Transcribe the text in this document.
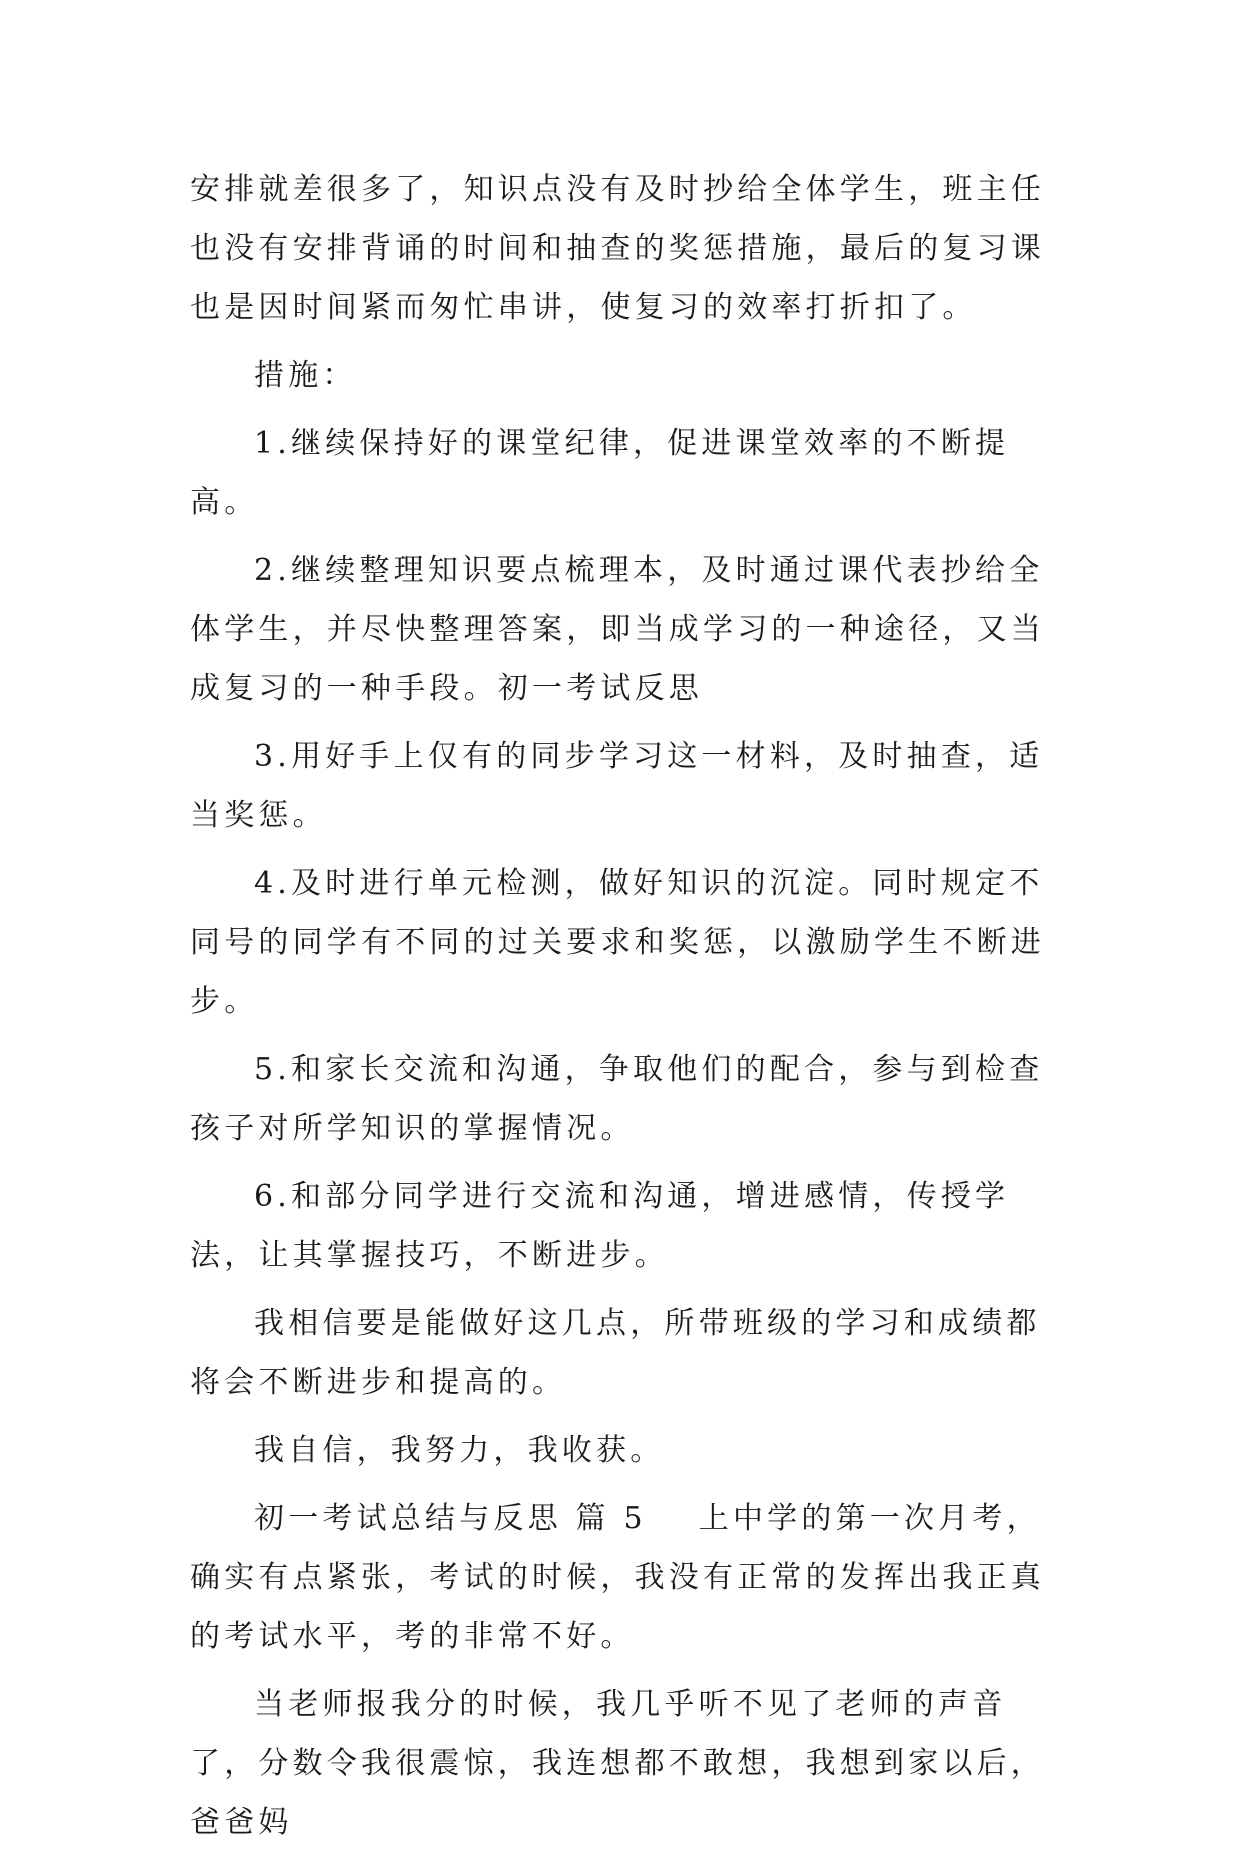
安排就差很多了，知识点没有及时抄给全体学生，班主任也没有安排背诵的时间和抽查的奖惩措施，最后的复习课也是因时间紧而匆忙串讲，使复习的效率打折扣了。

措施：

1.继续保持好的课堂纪律，促进课堂效率的不断提高。

2.继续整理知识要点梳理本，及时通过课代表抄给全体学生，并尽快整理答案，即当成学习的一种途径，又当成复习的一种手段。初一考试反思

3.用好手上仅有的同步学习这一材料，及时抽查，适当奖惩。

4.及时进行单元检测，做好知识的沉淀。同时规定不同号的同学有不同的过关要求和奖惩，以激励学生不断进步。

5.和家长交流和沟通，争取他们的配合，参与到检查孩子对所学知识的掌握情况。

6.和部分同学进行交流和沟通，增进感情，传授学法，让其掌握技巧，不断进步。

我相信要是能做好这几点，所带班级的学习和成绩都将会不断进步和提高的。

我自信，我努力，我收获。

初一考试总结与反思 篇 5 上中学的第一次月考，确实有点紧张，考试的时候，我没有正常的发挥出我正真的考试水平，考的非常不好。

当老师报我分的时候，我几乎听不见了老师的声音了，分数令我很震惊，我连想都不敢想，我想到家以后，爸爸妈
